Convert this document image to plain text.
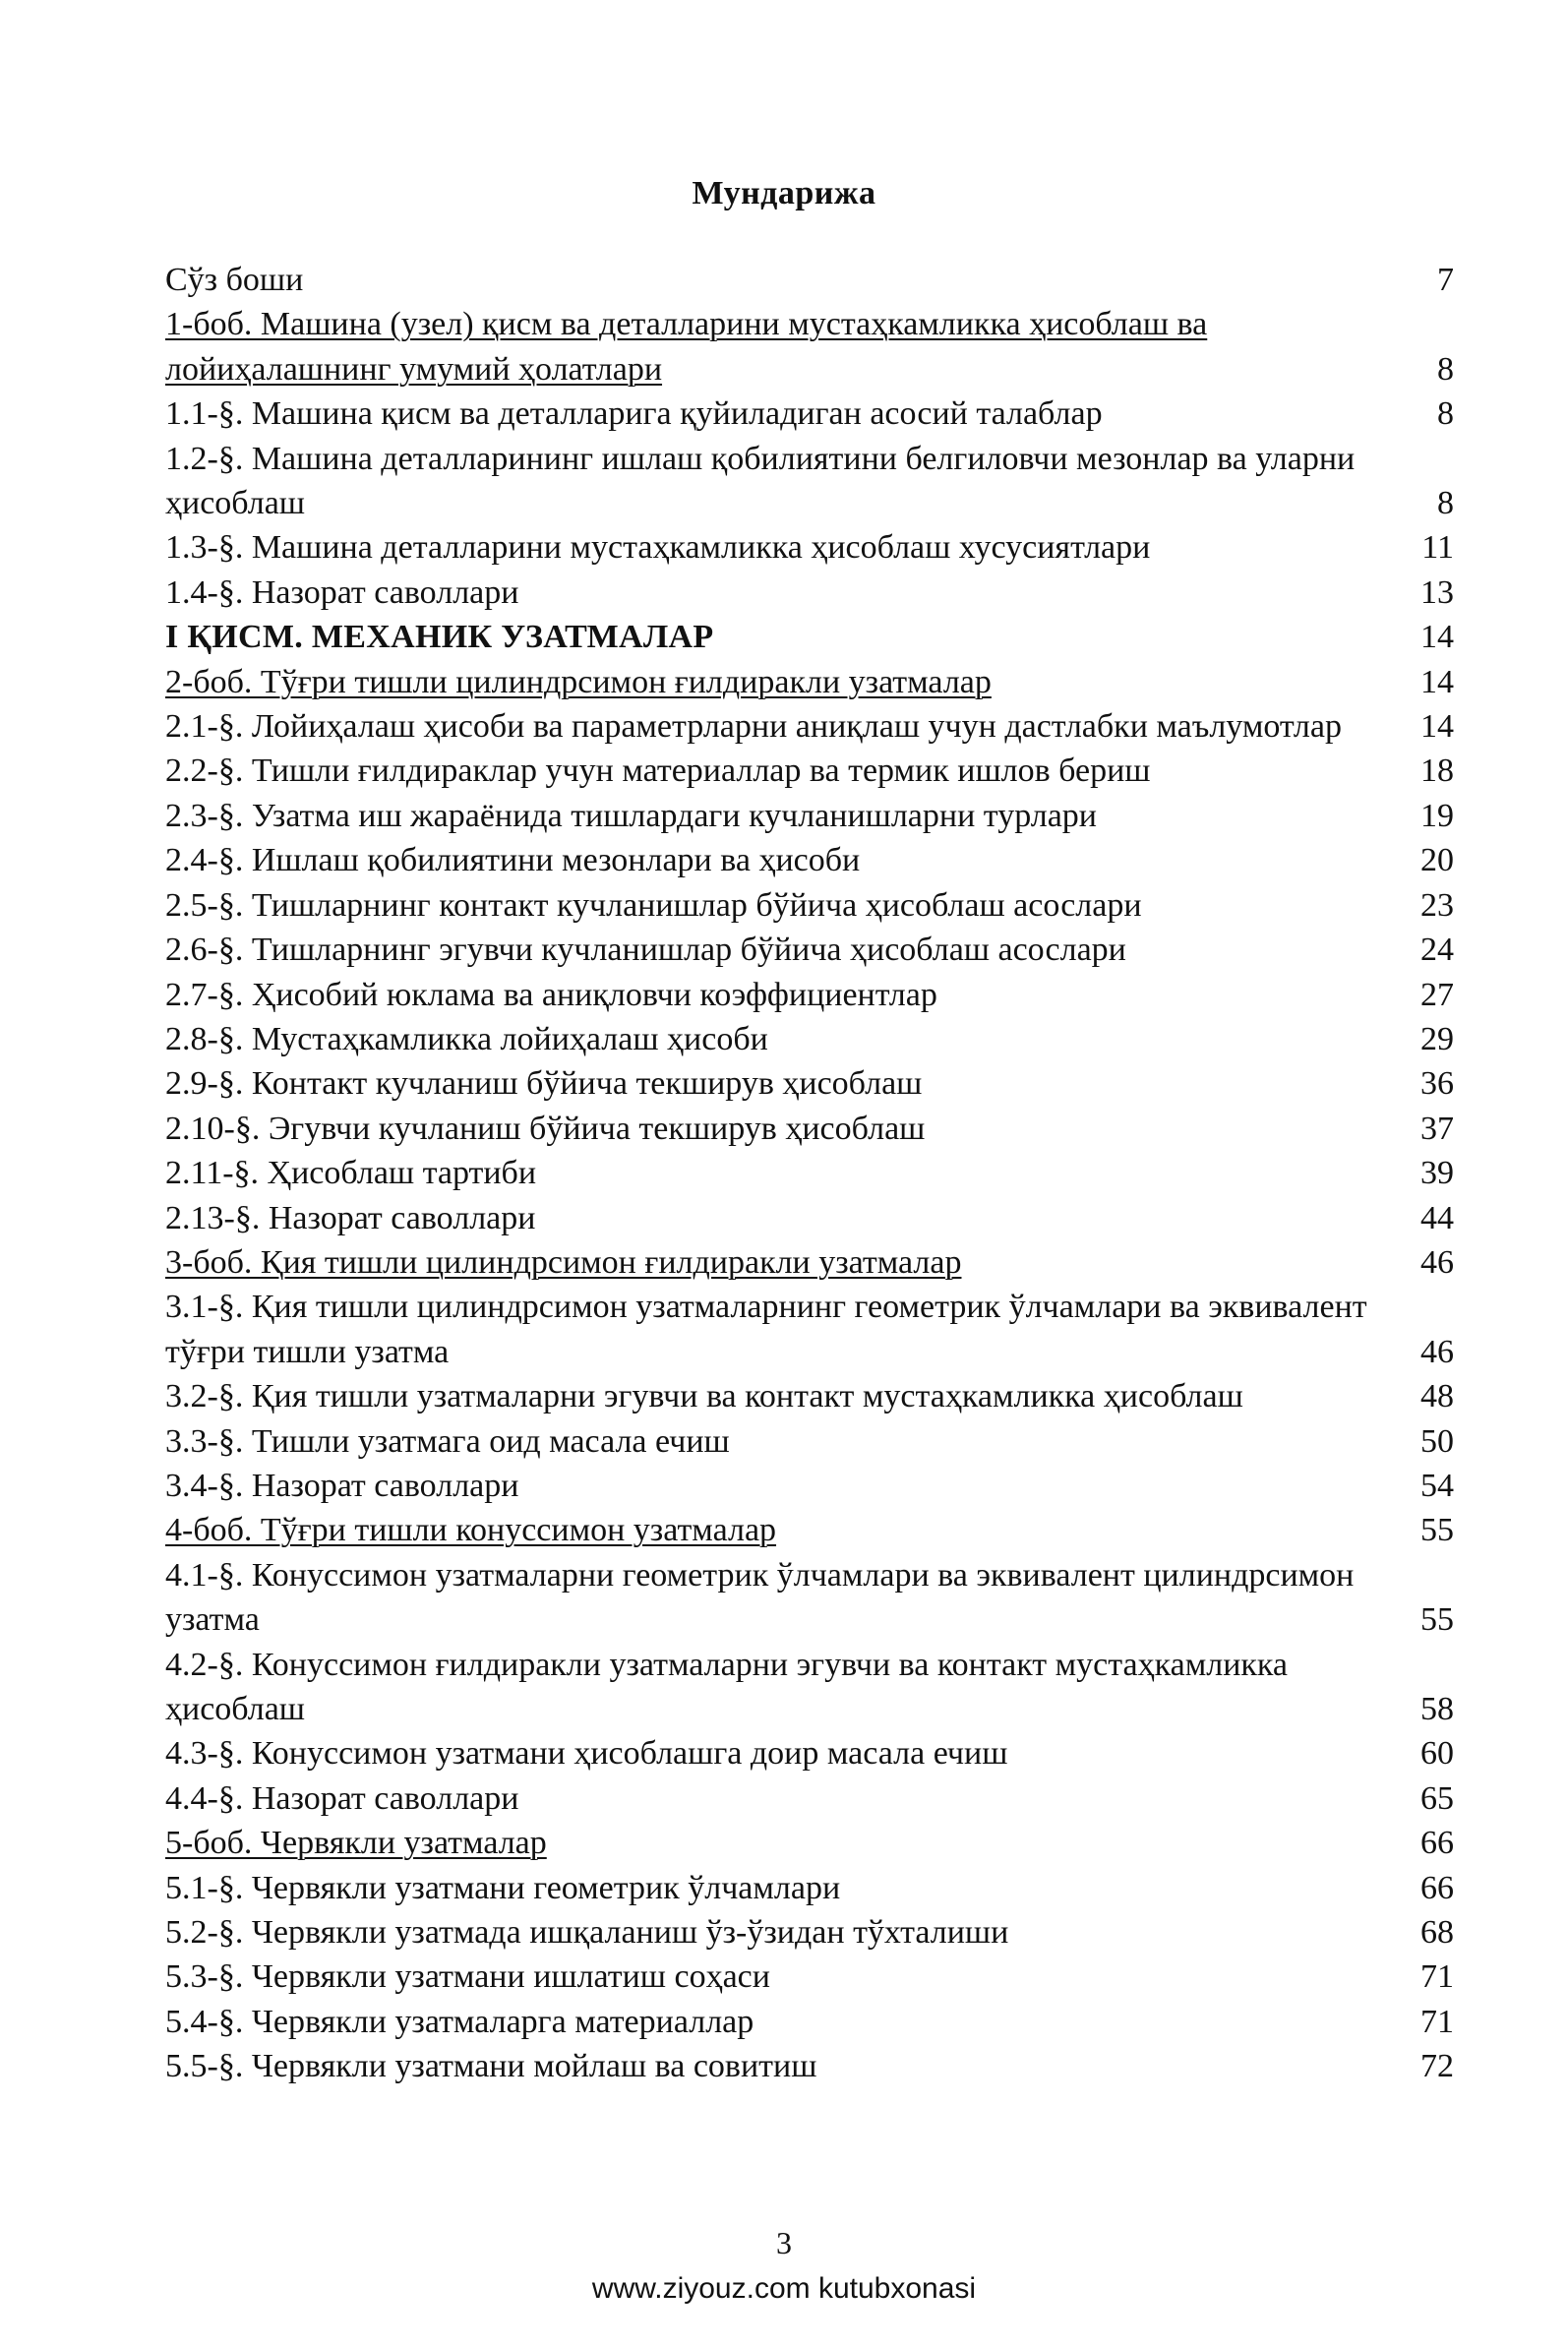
Мундарижа
Сўз боши	7
1-боб. Машина (узел) қисм ва деталларини мустаҳкамликка ҳисоблаш ва лойиҳалашнинг умумий ҳолатлари	8
1.1-§. Машина қисм ва деталларига қуйиладиган асосий талаблар	8
1.2-§. Машина деталларининг ишлаш қобилиятини белгиловчи мезонлар ва уларни ҳисоблаш	8
1.3-§. Машина деталларини мустаҳкамликка ҳисоблаш хусусиятлари	11
1.4-§. Назорат саволлари	13
I ҚИСМ. МЕХАНИК УЗАТМАЛАР	14
2-боб. Тўғри тишли цилиндрсимон ғилдиракли узатмалар	14
2.1-§. Лойиҳалаш ҳисоби ва параметрларни аниқлаш учун дастлабки маълумотлар	14
2.2-§. Тишли ғилдираклар учун материаллар ва термик ишлов бериш	18
2.3-§. Узатма иш жараёнида тишлардаги кучланишларни турлари	19
2.4-§. Ишлаш қобилиятини мезонлари ва ҳисоби	20
2.5-§. Тишларнинг контакт кучланишлар бўйича ҳисоблаш асослари	23
2.6-§. Тишларнинг эгувчи кучланишлар бўйича ҳисоблаш асослари	24
2.7-§. Ҳисобий юклама ва аниқловчи коэффициентлар	27
2.8-§. Мустаҳкамликка лойиҳалаш ҳисоби	29
2.9-§. Контакт кучланиш бўйича текширув ҳисоблаш	36
2.10-§. Эгувчи кучланиш бўйича текширув ҳисоблаш	37
2.11-§. Ҳисоблаш тартиби	39
2.13-§. Назорат саволлари	44
3-боб. Қия тишли цилиндрсимон ғилдиракли узатмалар	46
3.1-§. Қия тишли цилиндрсимон узатмаларнинг геометрик ўлчамлари ва эквивалент тўғри тишли узатма	46
3.2-§. Қия тишли узатмаларни эгувчи ва контакт мустаҳкамликка ҳисоблаш	48
3.3-§. Тишли узатмага оид масала ечиш	50
3.4-§. Назорат саволлари	54
4-боб. Тўғри тишли конуссимон узатмалар	55
4.1-§. Конуссимон узатмаларни геометрик ўлчамлари ва эквивалент цилиндрсимон узатма	55
4.2-§. Конуссимон ғилдиракли узатмаларни эгувчи ва контакт мустаҳкамликка ҳисоблаш	58
4.3-§. Конуссимон узатмани ҳисоблашга доир масала ечиш	60
4.4-§. Назорат саволлари	65
5-боб. Червякли узатмалар	66
5.1-§. Червякли узатмани геометрик ўлчамлари	66
5.2-§. Червякли узатмада ишқаланиш ўз-ўзидан тўхталиши	68
5.3-§. Червякли узатмани ишлатиш соҳаси	71
5.4-§. Червякли узатмаларга материаллар	71
5.5-§. Червякли узатмани мойлаш ва совитиш	72
3
www.ziyouz.com kutubxonasi
